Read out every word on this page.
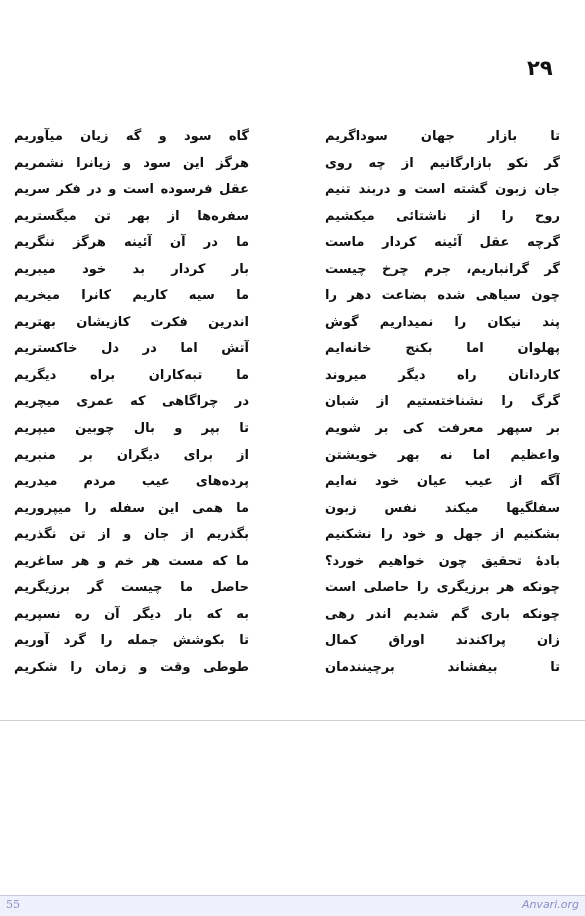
۲۹
تا بازار جهان سوداگریم
گر نکو بازارگانیم از چه روی
جان زبون گشته است و دربند تنیم
روح را از ناشتائی میکشیم
گرچه عقل آئینه کردار ماست
گر گرانباریم، جرم چرخ چیست
چون سیاهی شده بضاعت دهر را
پند نیکان را نمیداریم گوش
پهلوان اما بکنج خانه‌ایم
کاردانان راه دیگر میروند
گرگ را نشناختستیم از شبان
بر سپهر معرفت کی بر شویم
واعظیم اما نه بهر خویشتن
آگه از عیب عیان خود نه‌ایم
سفلگیها میکند نفس زبون
بشکنیم از جهل و خود را نشکنیم
بادهٔ تحقیق چون خواهیم خورد؟
چونکه هر برزیگری را حاصلی است
چونکه باری گم شدیم اندر رهی
زان پراکندند اوراق کمال
تا بیفشاند برچینندمان
گاه سود و گه زیان میآوریم
هرگز این سود و زیانرا نشمریم
عقل فرسوده است و در فکر سریم
سفره‌ها از بهر تن میگستریم
ما در آن آئینه هرگز ننگریم
بار کردار بد خود میبریم
ما سیه کاریم کانرا میخریم
اندرین فکرت کازیشان بهتریم
آتش اما در دل خاکستریم
ما تبه‌کاران براه دیگریم
در چراگاهی که عمری میچریم
تا بپر و بال چوبین میپریم
از برای دیگران بر منبریم
پرده‌های عیب مردم میدریم
ما همی این سفله را میپروریم
بگذریم از جان و از تن نگذریم
ما که مست هر خم و هر ساغریم
حاصل ما چیست گر برزیگریم
به که بار دیگر آن ره نسپریم
تا بکوشش جمله را گرد آوریم
طوطی وقت و زمان را شکریم
55	Anvari.org
